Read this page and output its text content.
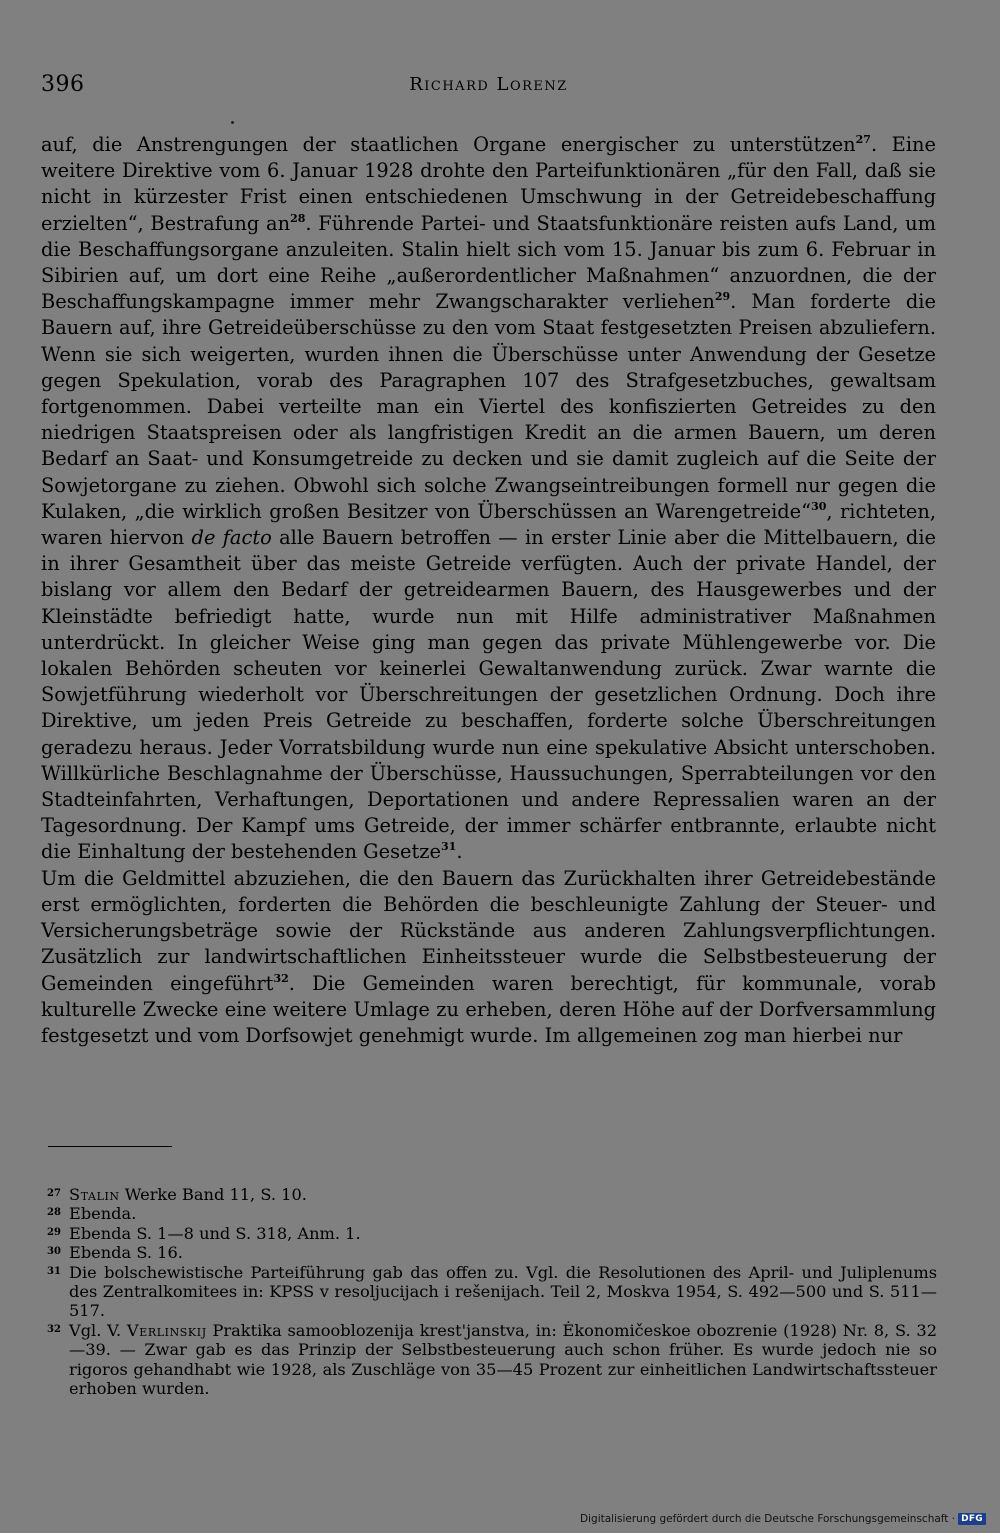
396	Richard Lorenz

auf, die Anstrengungen der staatlichen Organe energischer zu unterstützen$^{27}$. Eine weitere Direktive vom 6. Januar 1928 drohte den Parteifunktionären „für den Fall, daß sie nicht in kürzester Frist einen entschiedenen Umschwung in der Getreidebeschaffung erzielten“, Bestrafung an$^{28}$. Führende Partei- und Staatsfunktionäre reisten aufs Land, um die Beschaffungsorgane anzuleiten. Stalin hielt sich vom 15. Januar bis zum 6. Februar in Sibirien auf, um dort eine Reihe „außerordentlicher Maßnahmen“ anzuordnen, die der Beschaffungskampagne immer mehr Zwangscharakter verliehen$^{29}$. Man forderte die Bauern auf, ihre Getreideüberschüsse zu den vom Staat festgesetzten Preisen abzuliefern. Wenn sie sich weigerten, wurden ihnen die Überschüsse unter Anwendung der Gesetze gegen Spekulation, vorab des Paragraphen 107 des Strafgesetzbuches, gewaltsam fortgenommen. Dabei verteilte man ein Viertel des konfiszierten Getreides zu den niedrigen Staatspreisen oder als langfristigen Kredit an die armen Bauern, um deren Bedarf an Saat- und Konsumgetreide zu decken und sie damit zugleich auf die Seite der Sowjetorgane zu ziehen. Obwohl sich solche Zwangseintreibungen formell nur gegen die Kulaken, „die wirklich großen Besitzer von Überschüssen an Warengetreide“$^{30}$, richteten, waren hiervon de facto alle Bauern betroffen — in erster Linie aber die Mittelbauern, die in ihrer Gesamtheit über das meiste Getreide verfügten. Auch der private Handel, der bislang vor allem den Bedarf der getreidearmen Bauern, des Hausgewerbes und der Kleinstädte befriedigt hatte, wurde nun mit Hilfe administrativer Maßnahmen unterdrückt. In gleicher Weise ging man gegen das private Mühlengewerbe vor. Die lokalen Behörden scheuten vor keinerlei Gewaltanwendung zurück. Zwar warnte die Sowjetführung wiederholt vor Überschreitungen der gesetzlichen Ordnung. Doch ihre Direktive, um jeden Preis Getreide zu beschaffen, forderte solche Überschreitungen geradezu heraus. Jeder Vorratsbildung wurde nun eine spekulative Absicht unterschoben. Willkürliche Beschlagnahme der Überschüsse, Haussuchungen, Sperrabteilungen vor den Stadteinfahrten, Verhaftungen, Deportationen und andere Repressalien waren an der Tagesordnung. Der Kampf ums Getreide, der immer schärfer entbrannte, erlaubte nicht die Einhaltung der bestehenden Gesetze$^{31}$.

Um die Geldmittel abzuziehen, die den Bauern das Zurückhalten ihrer Getreidebestände erst ermöglichten, forderten die Behörden die beschleunigte Zahlung der Steuer- und Versicherungsbeträge sowie der Rückstände aus anderen Zahlungsverpflichtungen. Zusätzlich zur landwirtschaftlichen Einheitssteuer wurde die Selbstbesteuerung der Gemeinden eingeführt$^{32}$. Die Gemeinden waren berechtigt, für kommunale, vorab kulturelle Zwecke eine weitere Umlage zu erheben, deren Höhe auf der Dorfversammlung festgesetzt und vom Dorfsowjet genehmigt wurde. Im allgemeinen zog man hierbei nur

27 Stalin Werke Band 11, S. 10.
28 Ebenda.
29 Ebenda S. 1—8 und S. 318, Anm. 1.
30 Ebenda S. 16.
31 Die bolschewistische Parteiführung gab das offen zu. Vgl. die Resolutionen des April- und Juliplenums des Zentralkomitees in: KPSS v resoljucijach i rešenijach. Teil 2, Moskva 1954, S. 492—500 und S. 511—517.
32 Vgl. V. Verlinskij Praktika samooblozenija krest'janstva, in: Ėkonomičeskoe obozrenie (1928) Nr. 8, S. 32—39. — Zwar gab es das Prinzip der Selbstbesteuerung auch schon früher. Es wurde jedoch nie so rigoros gehandhabt wie 1928, als Zuschläge von 35—45 Prozent zur einheitlichen Landwirtschaftssteuer erhoben wurden.
Digitalisierung gefördert durch die Deutsche Forschungsgemeinschaft · DFG
